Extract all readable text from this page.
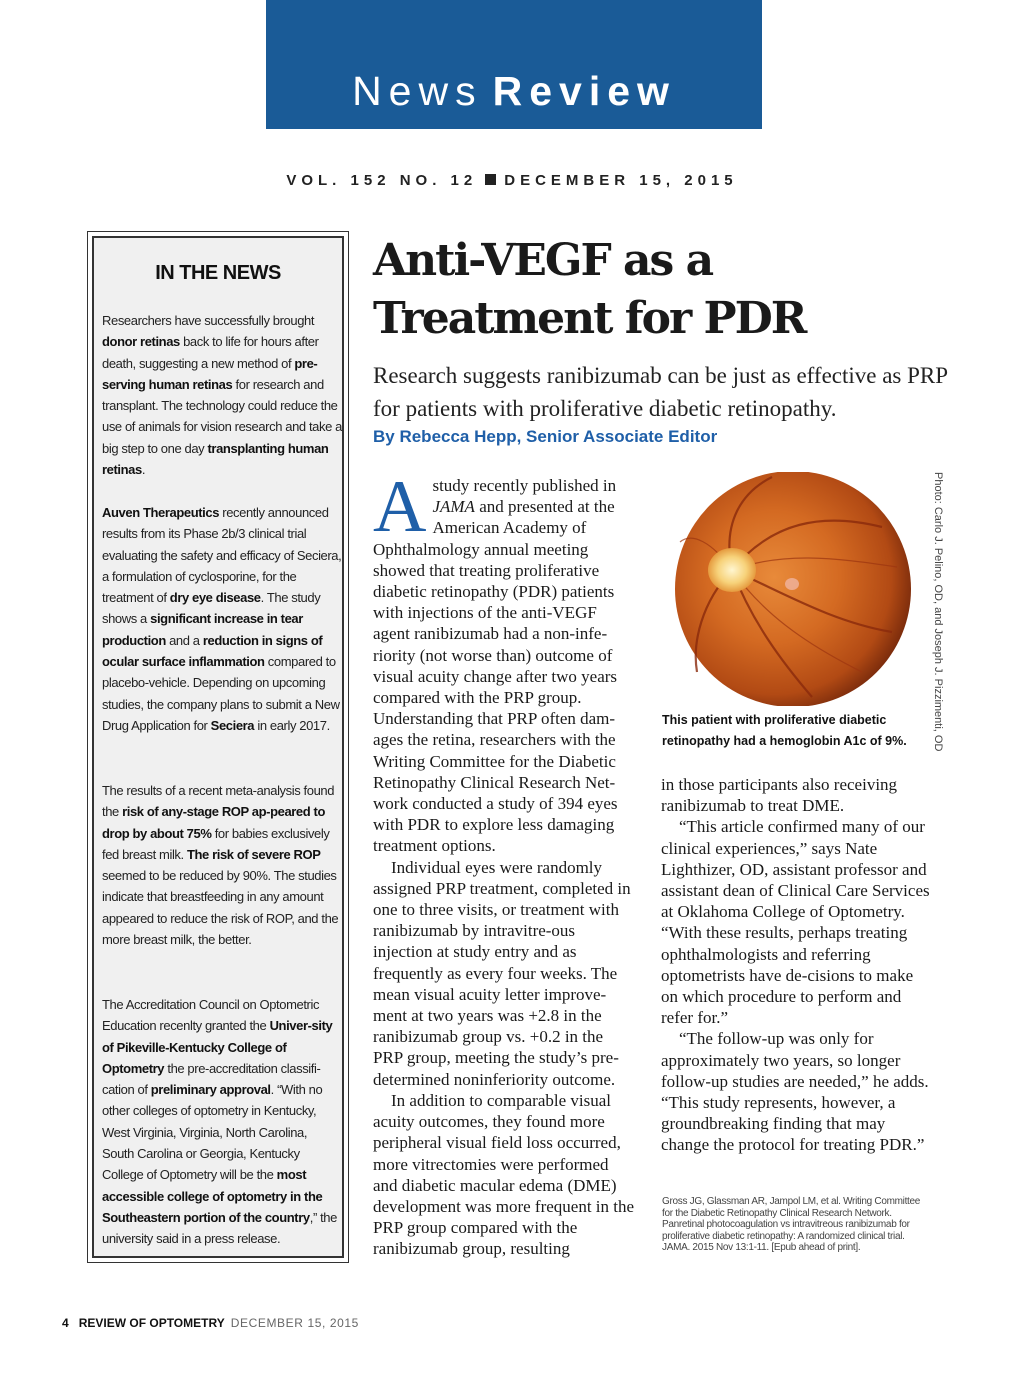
News Review
VOL. 152 NO. 12 DECEMBER 15, 2015
IN THE NEWS
Researchers have successfully brought donor retinas back to life for hours after death, suggesting a new method of pre-serving human retinas for research and transplant. The technology could reduce the use of animals for vision research and take a big step to one day transplanting human retinas.
Auven Therapeutics recently announced results from its Phase 2b/3 clinical trial evaluating the safety and efficacy of Seciera, a formulation of cyclosporine, for the treatment of dry eye disease. The study shows a significant increase in tear production and a reduction in signs of ocular surface inflammation compared to placebo-vehicle. Depending on upcoming studies, the company plans to submit a New Drug Application for Seciera in early 2017.
The results of a recent meta-analysis found the risk of any-stage ROP ap-peared to drop by about 75% for babies exclusively fed breast milk. The risk of severe ROP seemed to be reduced by 90%. The studies indicate that breastfeeding in any amount appeared to reduce the risk of ROP, and the more breast milk, the better.
The Accreditation Council on Optometric Education recenlty granted the Univer-sity of Pikeville-Kentucky College of Optometry the pre-accreditation classifi-cation of preliminary approval. “With no other colleges of optometry in Kentucky, West Virginia, Virginia, North Carolina, South Carolina or Georgia, Kentucky College of Optometry will be the most accessible college of optometry in the Southeastern portion of the country,” the university said in a press release.
Anti-VEGF as a
Treatment for PDR
Research suggests ranibizumab can be just as effective as PRP for patients with proliferative diabetic retinopathy.
By Rebecca Hepp, Senior Associate Editor

A study recently published in JAMA and presented at the American Academy of Ophthalmology annual meeting showed that treating proliferative diabetic retinopathy (PDR) patients with injections of the anti-VEGF agent ranibizumab had a non-infe-riority (not worse than) outcome of visual acuity change after two years compared with the PRP group. Understanding that PRP often dam-ages the retina, researchers with the Writing Committee for the Diabetic Retinopathy Clinical Research Net-work conducted a study of 394 eyes with PDR to explore less damaging treatment options.

Individual eyes were randomly assigned PRP treatment, completed in one to three visits, or treatment with ranibizumab by intravitre-ous injection at study entry and as frequently as every four weeks. The mean visual acuity letter improve-ment at two years was +2.8 in the ranibizumab group vs. +0.2 in the PRP group, meeting the study’s pre-determined noninferiority outcome.

In addition to comparable visual acuity outcomes, they found more peripheral visual field loss occurred, more vitrectomies were performed and diabetic macular edema (DME) development was more frequent in the PRP group compared with the ranibizumab group, resulting

Photo: Carlo J. Pelino, OD, and Joseph J. Pizzimenti, OD
This patient with proliferative diabetic retinopathy had a hemoglobin A1c of 9%.

in those participants also receiving ranibizumab to treat DME.

“This article confirmed many of our clinical experiences,” says Nate Lighthizer, OD, assistant professor and assistant dean of Clinical Care Services at Oklahoma College of Optometry. “With these results, perhaps treating ophthalmologists and referring optometrists have de-cisions to make on which procedure to perform and refer for.”

“The follow-up was only for approximately two years, so longer follow-up studies are needed,” he adds. “This study represents, however, a groundbreaking finding that may change the protocol for treating PDR.”

Gross JG, Glassman AR, Jampol LM, et al. Writing Committee for the Diabetic Retinopathy Clinical Research Network. Panretinal photocoagulation vs intravitreous ranibizumab for proliferative diabetic retinopathy: A randomized clinical trial. JAMA. 2015 Nov 13:1-11. [Epub ahead of print].
4 REVIEW OF OPTOMETRY DECEMBER 15, 2015
